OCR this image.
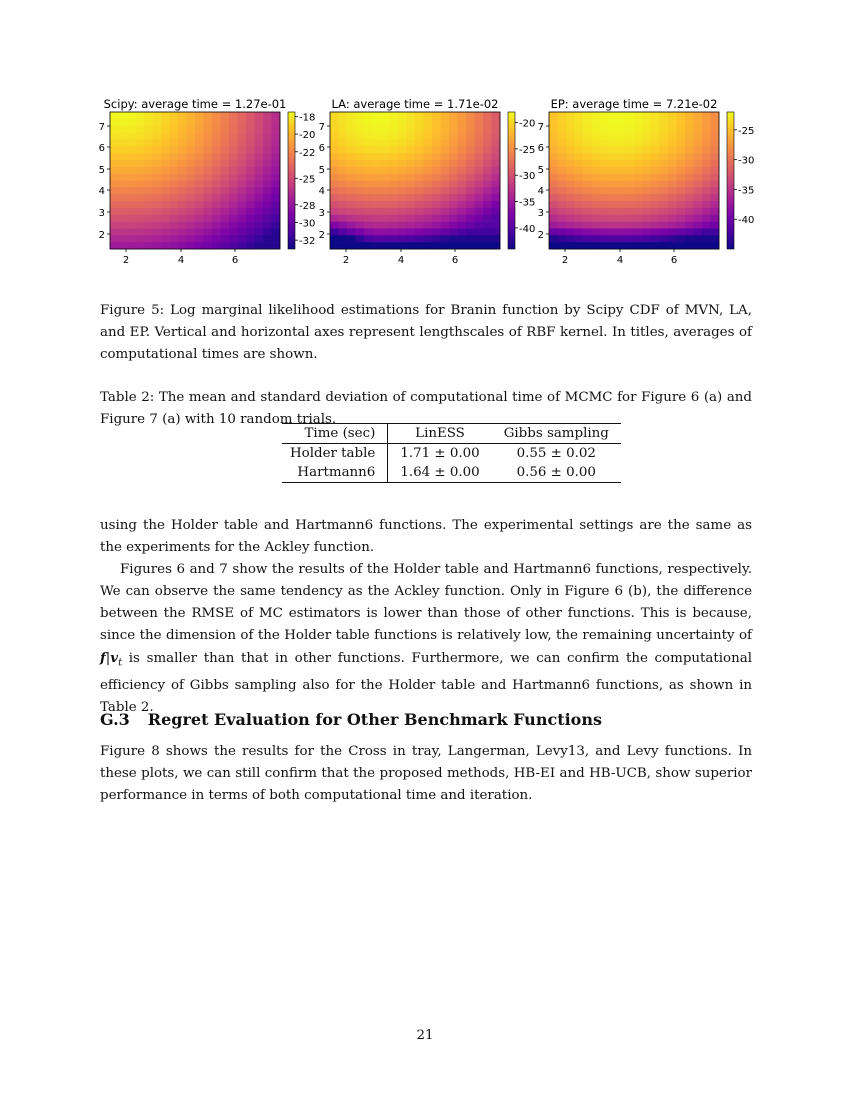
Scipy: average time = 1.27e-01
7
6
5
4
3
2
2	4	6
-18
-20
-22
-25
-28
-30
-32
LA: average time = 1.71e-02
7
6
5
4
3
2
2	4	6
-20
-25
-30
-35
-40
EP: average time = 7.21e-02
7
6
5
4
3
2
2	4	6
-25
-30
-35
-40
Figure 5: Log marginal likelihood estimations for Branin function by Scipy CDF of MVN, LA, and EP. Vertical and horizontal axes represent lengthscales of RBF kernel. In titles, averages of computational times are shown.
Table 2: The mean and standard deviation of computational time of MCMC for Figure 6 (a) and Figure 7 (a) with 10 random trials.
Time (sec)	LinESS	Gibbs sampling
Holder table	1.71 ± 0.00	0.55 ± 0.02
Hartmann6	1.64 ± 0.00	0.56 ± 0.00
using the Holder table and Hartmann6 functions. The experimental settings are the same as the experiments for the Ackley function.
Figures 6 and 7 show the results of the Holder table and Hartmann6 functions, respectively. We can observe the same tendency as the Ackley function. Only in Figure 6 (b), the difference between the RMSE of MC estimators is lower than those of other functions. This is because, since the dimension of the Holder table functions is relatively low, the remaining uncertainty of $f|v_t$ is smaller than that in other functions. Furthermore, we can confirm the computational efficiency of Gibbs sampling also for the Holder table and Hartmann6 functions, as shown in Table 2.
G.3 Regret Evaluation for Other Benchmark Functions
Figure 8 shows the results for the Cross in tray, Langerman, Levy13, and Levy functions. In these plots, we can still confirm that the proposed methods, HB-EI and HB-UCB, show superior performance in terms of both computational time and iteration.
21
